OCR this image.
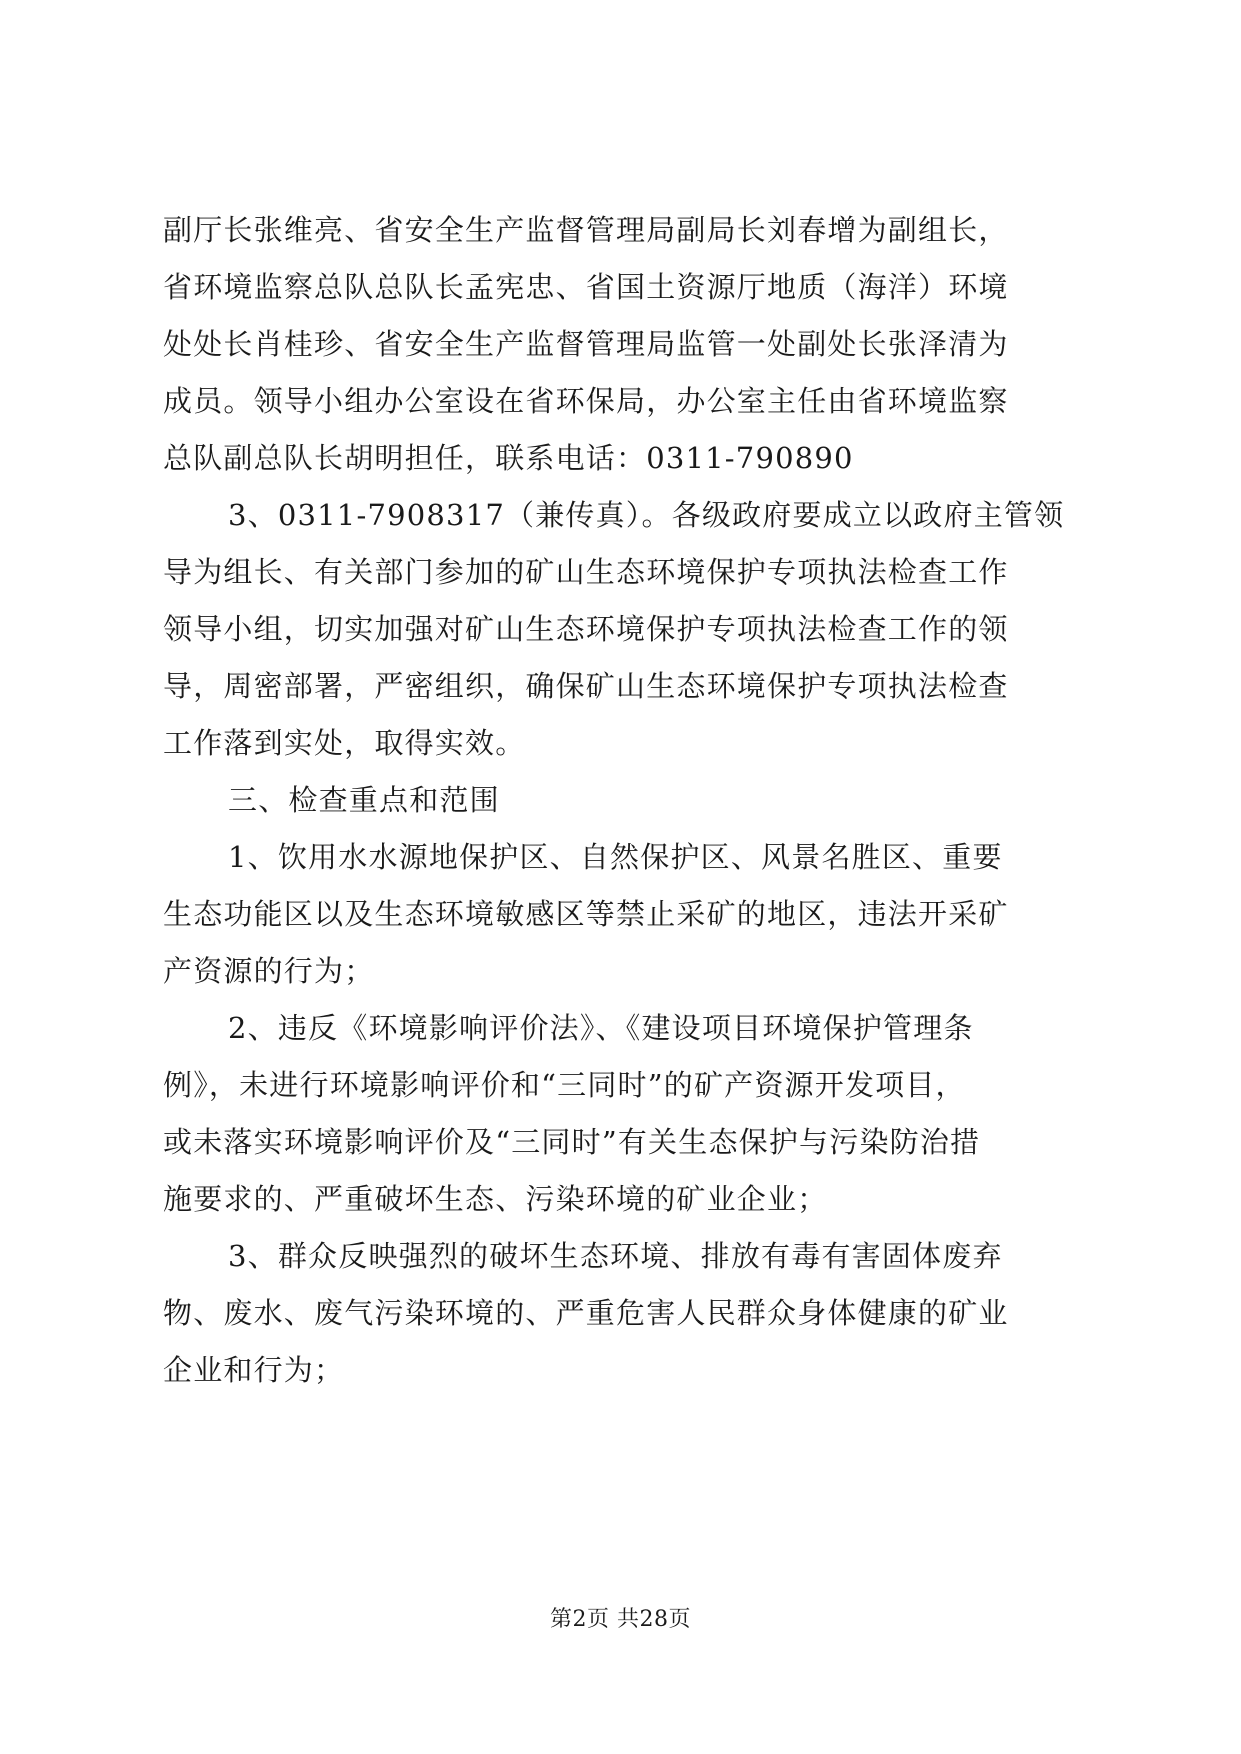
副厅长张维亮、省安全生产监督管理局副局长刘春增为副组长，
省环境监察总队总队长孟宪忠、省国土资源厅地质（海洋）环境
处处长肖桂珍、省安全生产监督管理局监管一处副处长张泽清为
成员。领导小组办公室设在省环保局，办公室主任由省环境监察
总队副总队长胡明担任，联系电话：0311-790890
3、0311-7908317（兼传真）。各级政府要成立以政府主管领
导为组长、有关部门参加的矿山生态环境保护专项执法检查工作
领导小组，切实加强对矿山生态环境保护专项执法检查工作的领
导，周密部署，严密组织，确保矿山生态环境保护专项执法检查
工作落到实处，取得实效。
三、检查重点和范围
1、饮用水水源地保护区、自然保护区、风景名胜区、重要
生态功能区以及生态环境敏感区等禁止采矿的地区，违法开采矿
产资源的行为；
2、违反《环境影响评价法》、《建设项目环境保护管理条
例》，未进行环境影响评价和“三同时”的矿产资源开发项目，
或未落实环境影响评价及“三同时”有关生态保护与污染防治措
施要求的、严重破坏生态、污染环境的矿业企业；
3、群众反映强烈的破坏生态环境、排放有毒有害固体废弃
物、废水、废气污染环境的、严重危害人民群众身体健康的矿业
企业和行为；
第2页 共28页
